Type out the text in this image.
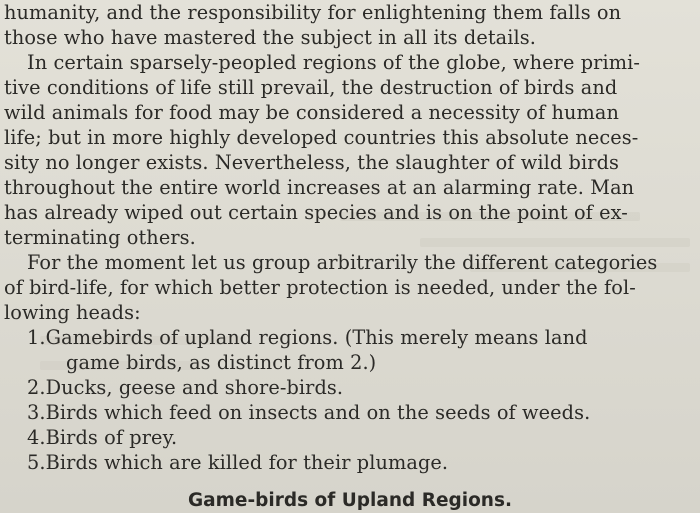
humanity, and the responsibility for enlightening them falls on
those who have mastered the subject in all its details.
In certain sparsely-peopled regions of the globe, where primi-
tive conditions of life still prevail, the destruction of birds and
wild animals for food may be considered a necessity of human
life; but in more highly developed countries this absolute neces-
sity no longer exists. Nevertheless, the slaughter of wild birds
throughout the entire world increases at an alarming rate. Man
has already wiped out certain species and is on the point of ex-
terminating others.
For the moment let us group arbitrarily the different categories
of bird-life, for which better protection is needed, under the fol-
lowing heads:
1.Gamebirds of upland regions. (This merely means land
game birds, as distinct from 2.)
2.Ducks, geese and shore-birds.
3.Birds which feed on insects and on the seeds of weeds.
4.Birds of prey.
5.Birds which are killed for their plumage.
Game-birds of Upland Regions.
